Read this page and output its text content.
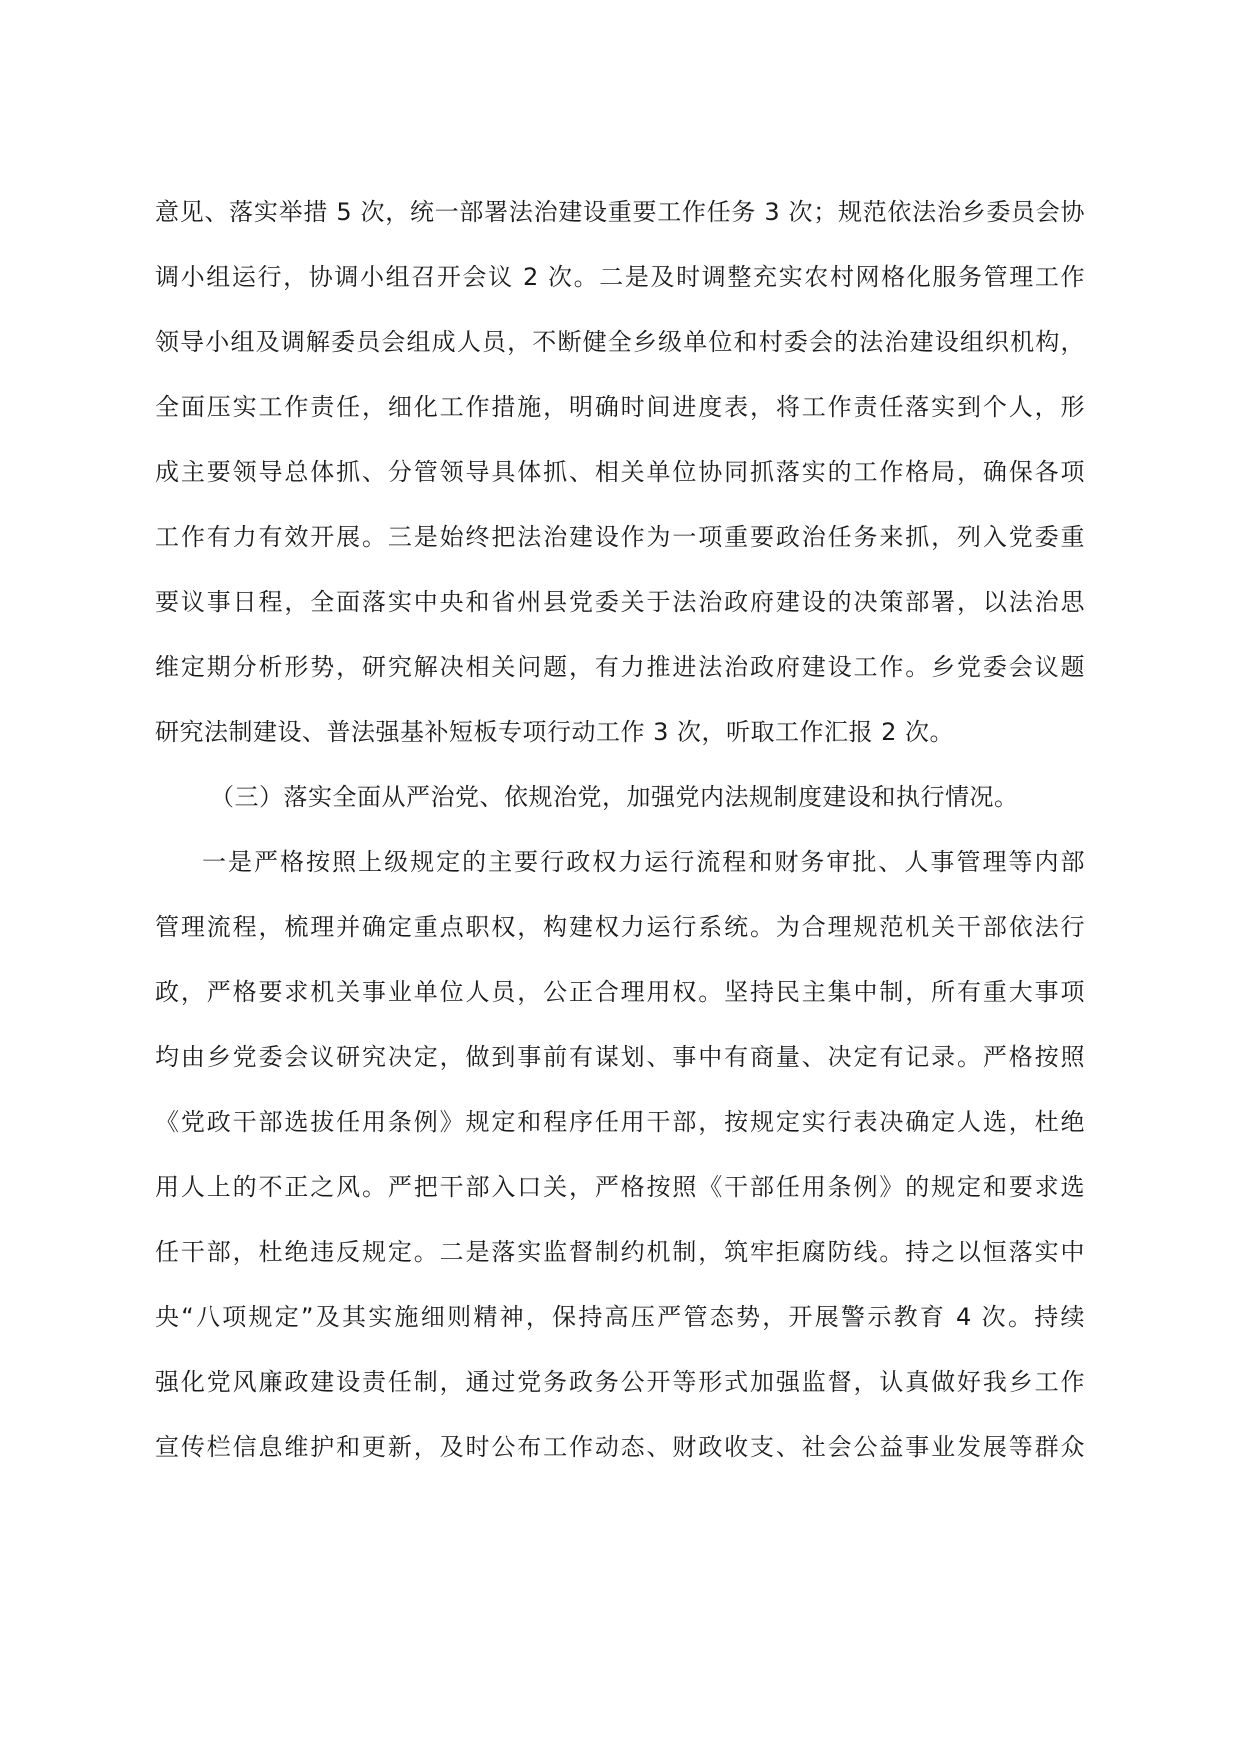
意见、落实举措 5 次，统一部署法治建设重要工作任务 3 次；规范依法治乡委员会协
调小组运行，协调小组召开会议 2 次。二是及时调整充实农村网格化服务管理工作
领导小组及调解委员会组成人员，不断健全乡级单位和村委会的法治建设组织机构，
全面压实工作责任，细化工作措施，明确时间进度表，将工作责任落实到个人，形
成主要领导总体抓、分管领导具体抓、相关单位协同抓落实的工作格局，确保各项
工作有力有效开展。三是始终把法治建设作为一项重要政治任务来抓，列入党委重
要议事日程，全面落实中央和省州县党委关于法治政府建设的决策部署，以法治思
维定期分析形势，研究解决相关问题，有力推进法治政府建设工作。乡党委会议题
研究法制建设、普法强基补短板专项行动工作 3 次，听取工作汇报 2 次。
（三）落实全面从严治党、依规治党，加强党内法规制度建设和执行情况。
一是严格按照上级规定的主要行政权力运行流程和财务审批、人事管理等内部
管理流程，梳理并确定重点职权，构建权力运行系统。为合理规范机关干部依法行
政，严格要求机关事业单位人员，公正合理用权。坚持民主集中制，所有重大事项
均由乡党委会议研究决定，做到事前有谋划、事中有商量、决定有记录。严格按照
《党政干部选拔任用条例》规定和程序任用干部，按规定实行表决确定人选，杜绝
用人上的不正之风。严把干部入口关，严格按照《干部任用条例》的规定和要求选
任干部，杜绝违反规定。二是落实监督制约机制，筑牢拒腐防线。持之以恒落实中
央“八项规定”及其实施细则精神，保持高压严管态势，开展警示教育 4 次。持续
强化党风廉政建设责任制，通过党务政务公开等形式加强监督，认真做好我乡工作
宣传栏信息维护和更新，及时公布工作动态、财政收支、社会公益事业发展等群众
